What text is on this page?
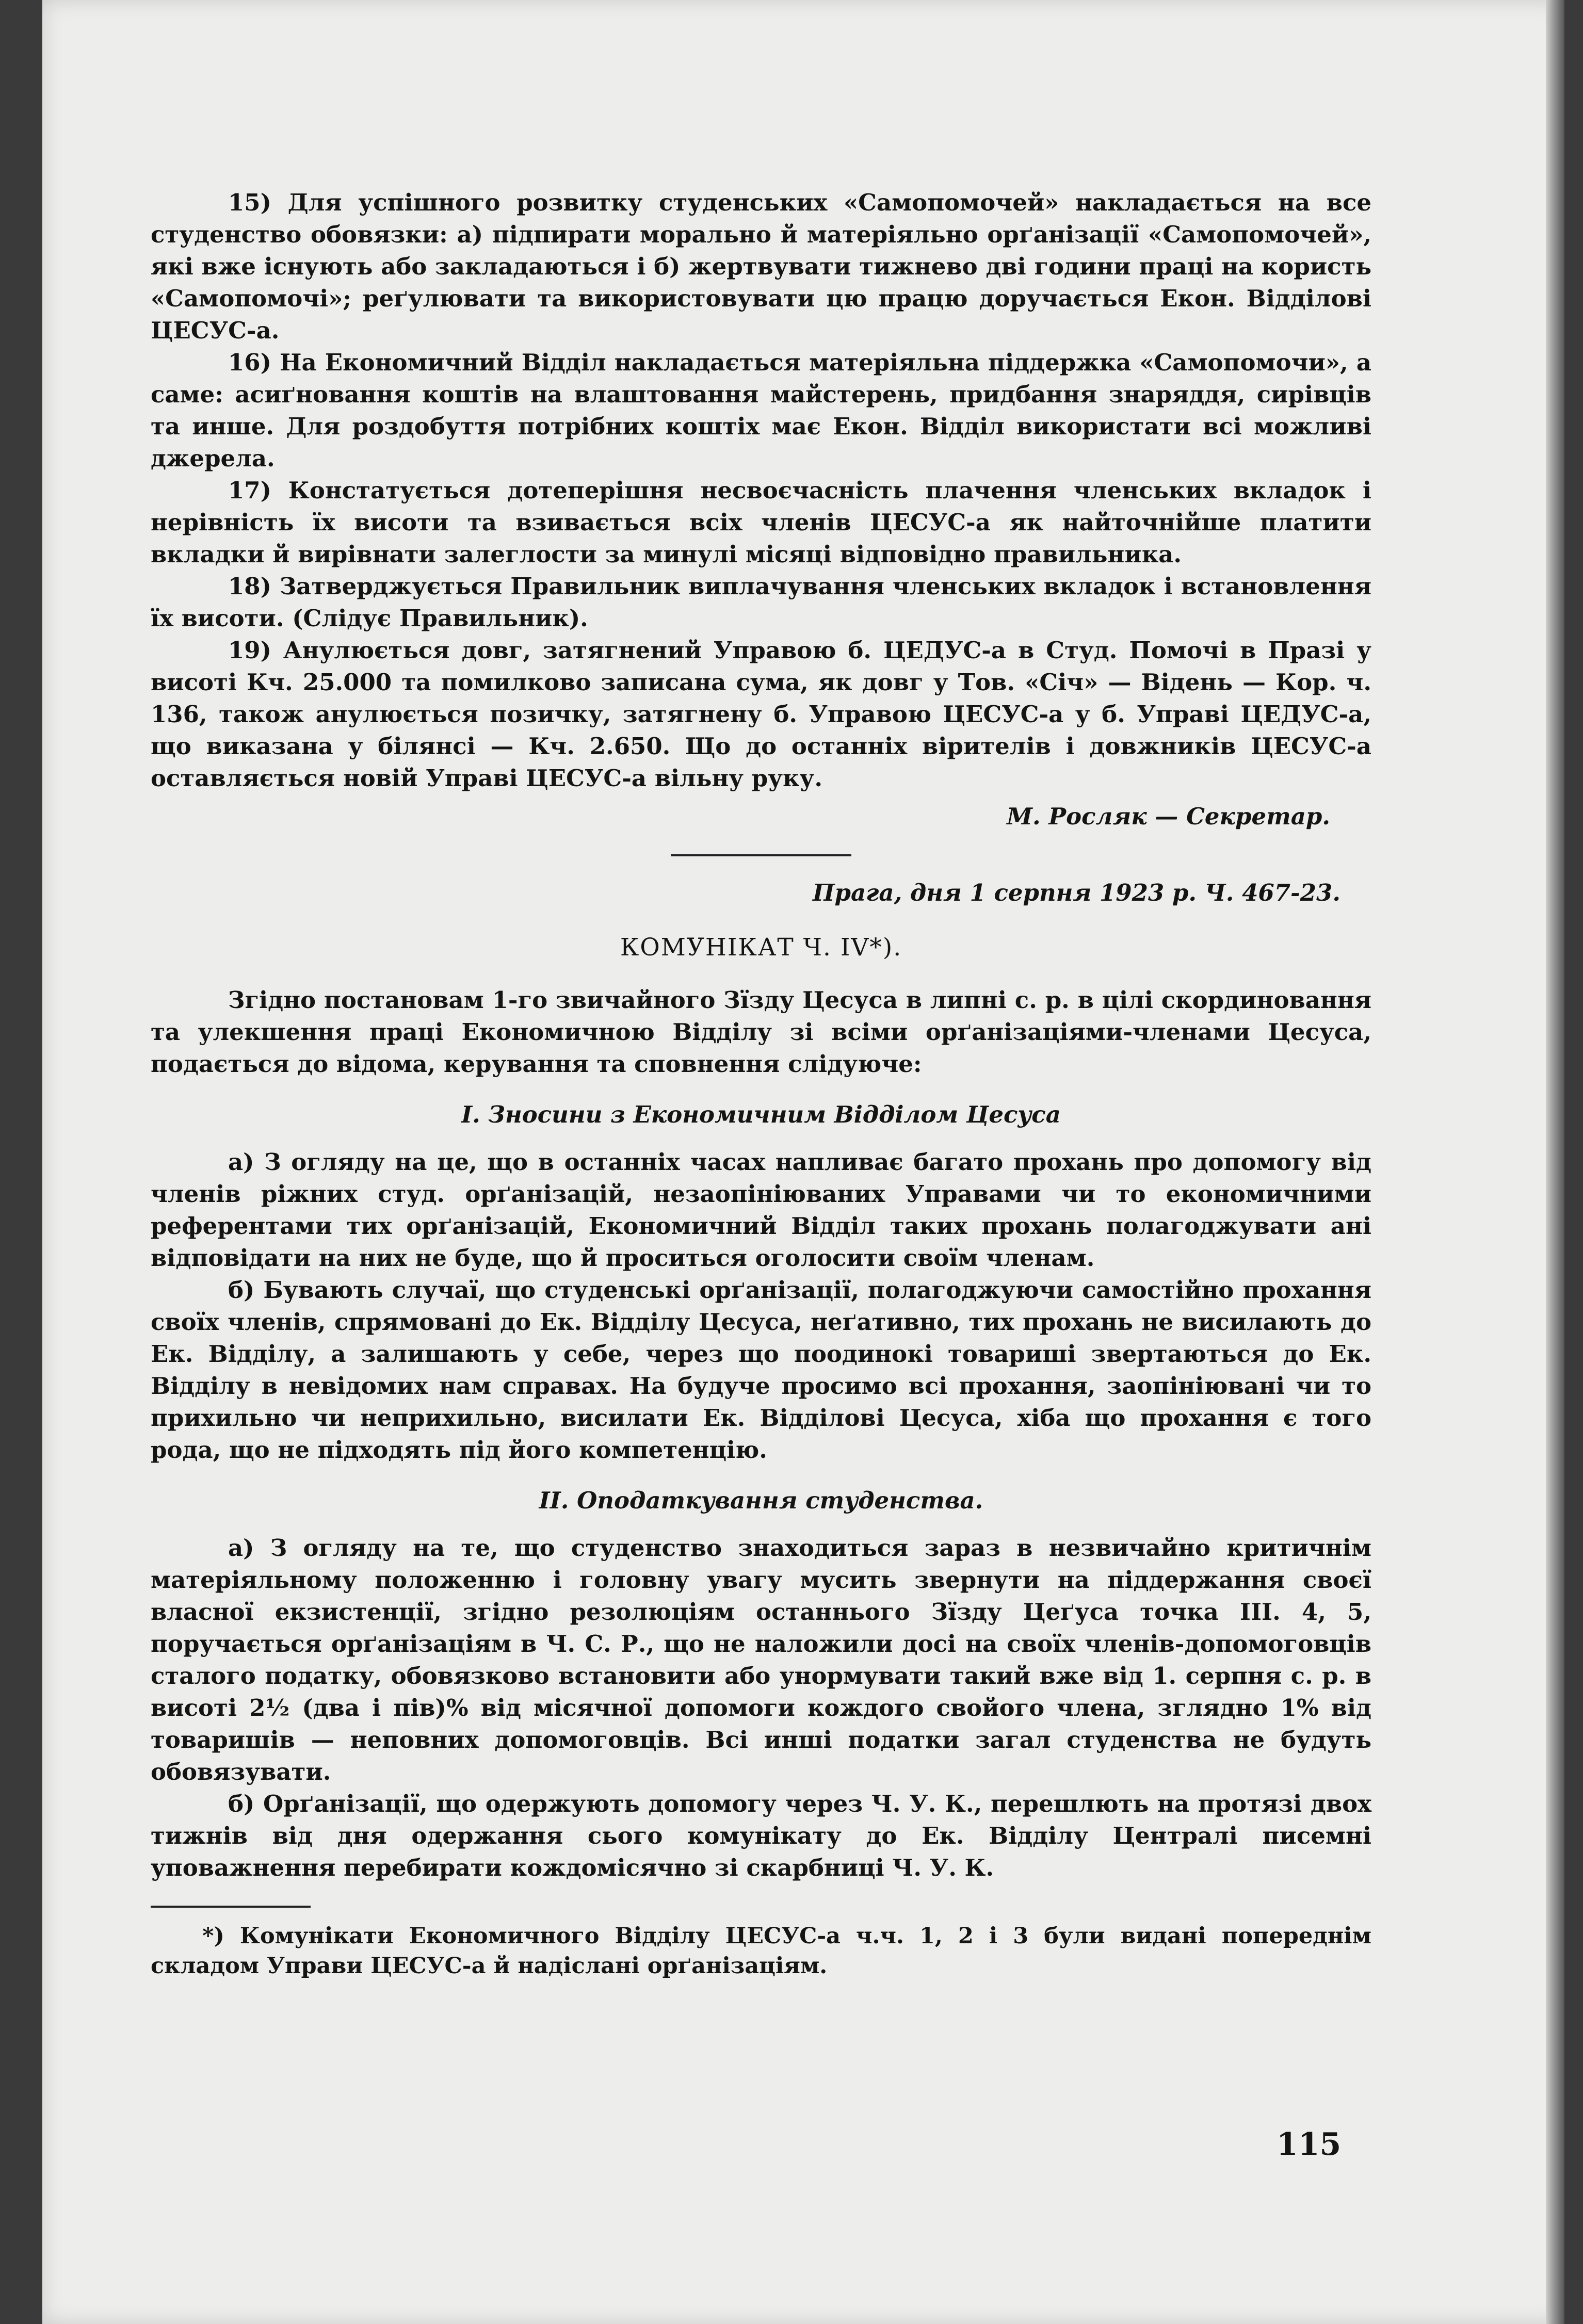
15) Для успішного розвитку студенських «Самопомочей» накладається на все студенство обовязки: а) підпирати морально й матеріяльно орґанізації «Самопомочей», які вже існують або закладаються і б) жертвувати тижнево дві години праці на користь «Самопомочі»; реґулювати та використовувати цю працю доручається Екон. Відділові ЦЕСУС-а.

16) На Економичний Відділ накладається матеріяльна піддержка «Самопомочи», а саме: асиґновання коштів на влаштовання майстерень, придбання знаряддя, сирівців та инше. Для роздобуття потрібних коштіх має Екон. Відділ використати всі можливі джерела.

17) Констатується дотеперішня несвоєчасність плачення членських вкладок і нерівність їх висоти та взивається всіх членів ЦЕСУС-а як найточнійше платити вкладки й вирівнати залеглости за минулі місяці відповідно правильника.

18) Затверджується Правильник виплачування членських вкладок і встановлення їх висоти. (Слідує Правильник).

19) Анулюється довг, затягнений Управою б. ЦЕДУС-а в Студ. Помочі в Празі у висоті Кч. 25.000 та помилково записана сума, як довг у Тов. «Січ» — Відень — Кор. ч. 136, також анулюється позичку, затягнену б. Управою ЦЕСУС-а у б. Управі ЦЕДУС-а, що виказана у білянсі — Кч. 2.650. Що до останніх вірителів і довжників ЦЕСУС-а оставляється новій Управі ЦЕСУС-а вільну руку.

М. Росляк — Секретар.
Прага, дня 1 серпня 1923 р. Ч. 467-23.
КОМУНІКАТ Ч. IV*).

Згідно постановам 1-го звичайного Зїзду Цесуса в липні с. р. в цілі скординовання та улекшення праці Економичною Відділу зі всіми орґанізаціями-членами Цесуса, подається до відома, керування та сповнення слідуюче:

I. Зносини з Економичним Відділом Цесуса

а) З огляду на це, що в останніх часах напливає багато прохань про допомогу від членів ріжних студ. орґанізацій, незаопініюваних Управами чи то економичними референтами тих орґанізацій, Економичний Відділ таких прохань полагоджувати ані відповідати на них не буде, що й проситься оголосити своїм членам.

б) Бувають случаї, що студенські орґанізації, полагоджуючи самостійно прохання своїх членів, спрямовані до Ек. Відділу Цесуса, неґативно, тих прохань не висилають до Ек. Відділу, а залишають у себе, через що поодинокі товариші звертаються до Ек. Відділу в невідомих нам справах. На будуче просимо всі прохання, заопініювані чи то прихильно чи неприхильно, висилати Ек. Відділові Цесуса, хіба що прохання є того рода, що не підходять під його компетенцію.

II. Оподаткування студенства.

а) З огляду на те, що студенство знаходиться зараз в незвичайно критичнім матеріяльному положенню і головну увагу мусить звернути на піддержання своєї власної екзистенції, згідно резолюціям останнього Зїзду Цеґуса точка III. 4, 5, поручається орґанізаціям в Ч. С. Р., що не наложили досі на своїх членів-допомоговців сталого податку, обовязково встановити або унормувати такий вже від 1. серпня с. р. в висоті 2½ (два і пів)% від місячної допомоги кождого свойого члена, зглядно 1% від товаришів — неповних допомоговців. Всі инші податки загал студенства не будуть обовязувати.

б) Орґанізації, що одержують допомогу через Ч. У. К., перешлють на протязі двох тижнів від дня одержання сього комунікату до Ек. Відділу Централі писемні уповажнення перебирати кождомісячно зі скарбниці Ч. У. К.

*) Комунікати Економичного Відділу ЦЕСУС-а ч.ч. 1, 2 і 3 були видані попереднім складом Управи ЦЕСУС-а й надіслані орґанізаціям.

115
